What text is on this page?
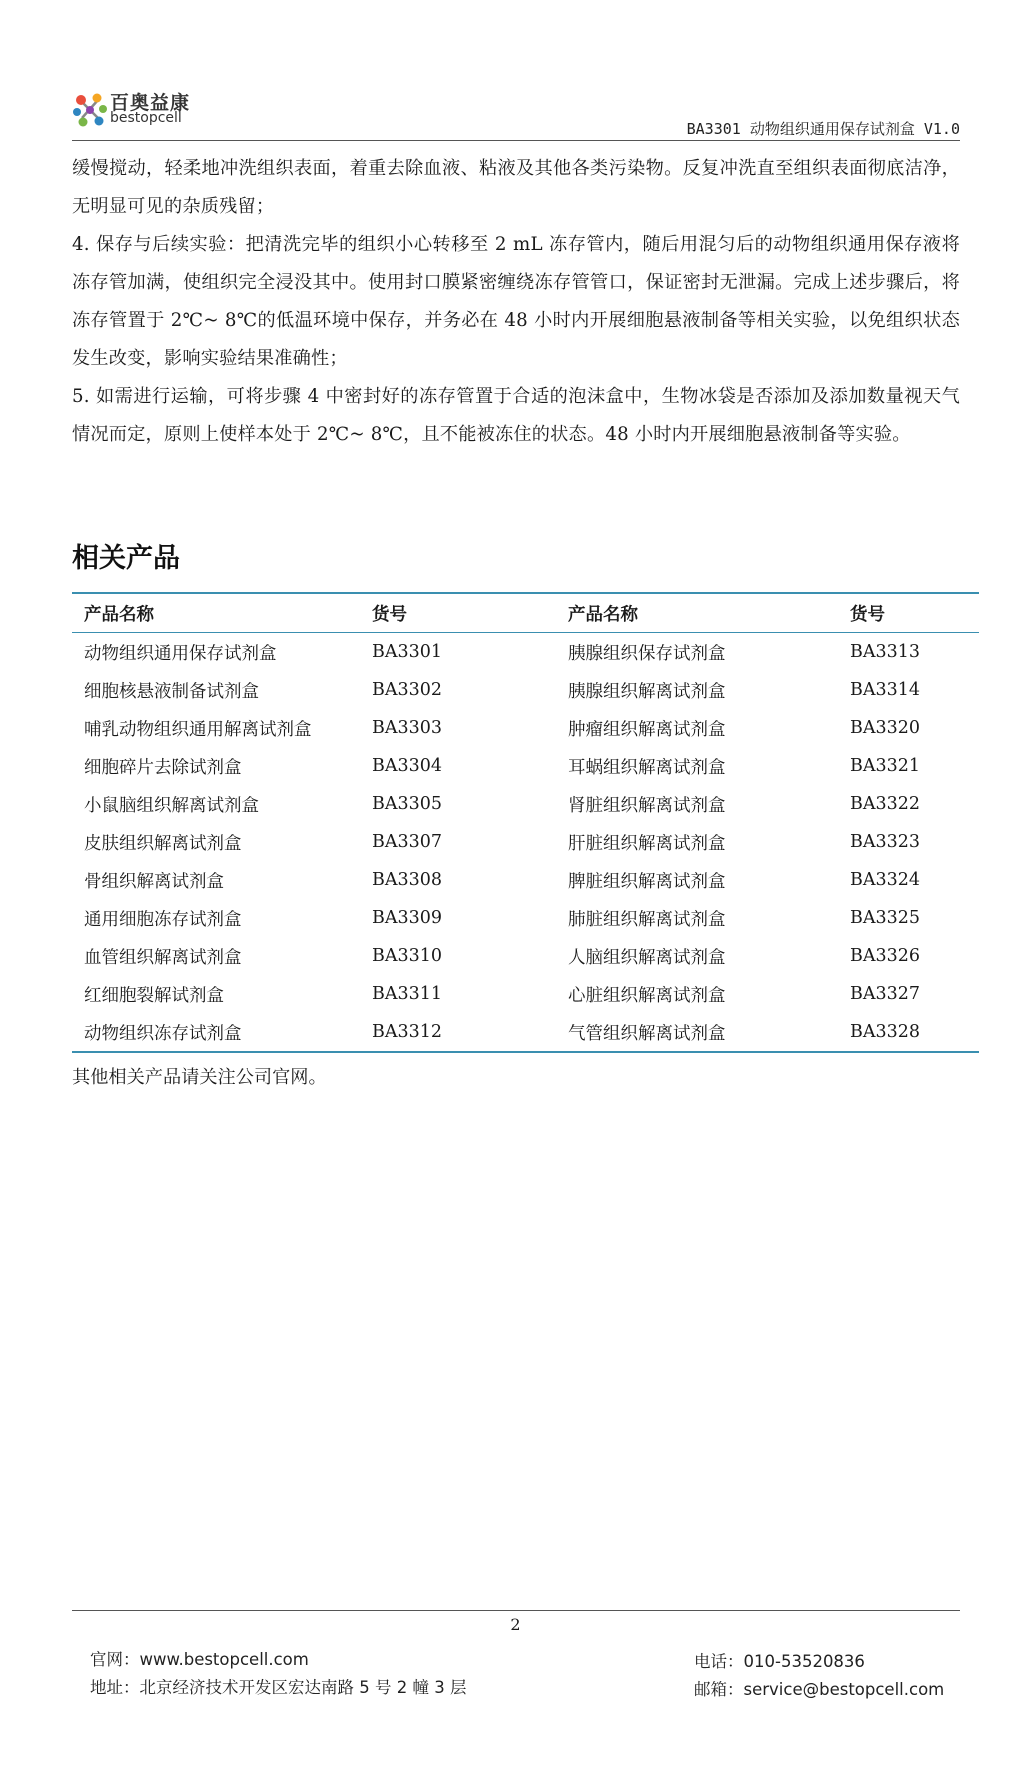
百奥益康
bestopcell
BA3301 动物组织通用保存试剂盒 V1.0

缓慢搅动，轻柔地冲洗组织表面，着重去除血液、粘液及其他各类污染物。反复冲洗直至组织表面彻底洁净，无明显可见的杂质残留；

4. 保存与后续实验：把清洗完毕的组织小心转移至 2 mL 冻存管内，随后用混匀后的动物组织通用保存液将冻存管加满，使组织完全浸没其中。使用封口膜紧密缠绕冻存管管口，保证密封无泄漏。完成上述步骤后，将冻存管置于 2℃~ 8℃的低温环境中保存，并务必在 48 小时内开展细胞悬液制备等相关实验，以免组织状态发生改变，影响实验结果准确性；

5. 如需进行运输，可将步骤 4 中密封好的冻存管置于合适的泡沫盒中，生物冰袋是否添加及添加数量视天气情况而定，原则上使样本处于 2℃~ 8℃，且不能被冻住的状态。48 小时内开展细胞悬液制备等实验。

相关产品
产品名称	货号	产品名称	货号
动物组织通用保存试剂盒	BA3301	胰腺组织保存试剂盒	BA3313
细胞核悬液制备试剂盒	BA3302	胰腺组织解离试剂盒	BA3314
哺乳动物组织通用解离试剂盒	BA3303	肿瘤组织解离试剂盒	BA3320
细胞碎片去除试剂盒	BA3304	耳蜗组织解离试剂盒	BA3321
小鼠脑组织解离试剂盒	BA3305	肾脏组织解离试剂盒	BA3322
皮肤组织解离试剂盒	BA3307	肝脏组织解离试剂盒	BA3323
骨组织解离试剂盒	BA3308	脾脏组织解离试剂盒	BA3324
通用细胞冻存试剂盒	BA3309	肺脏组织解离试剂盒	BA3325
血管组织解离试剂盒	BA3310	人脑组织解离试剂盒	BA3326
红细胞裂解试剂盒	BA3311	心脏组织解离试剂盒	BA3327
动物组织冻存试剂盒	BA3312	气管组织解离试剂盒	BA3328
其他相关产品请关注公司官网。
2
官网：www.bestopcell.com
地址：北京经济技术开发区宏达南路 5 号 2 幢 3 层
电话：010-53520836
邮箱：service@bestopcell.com
